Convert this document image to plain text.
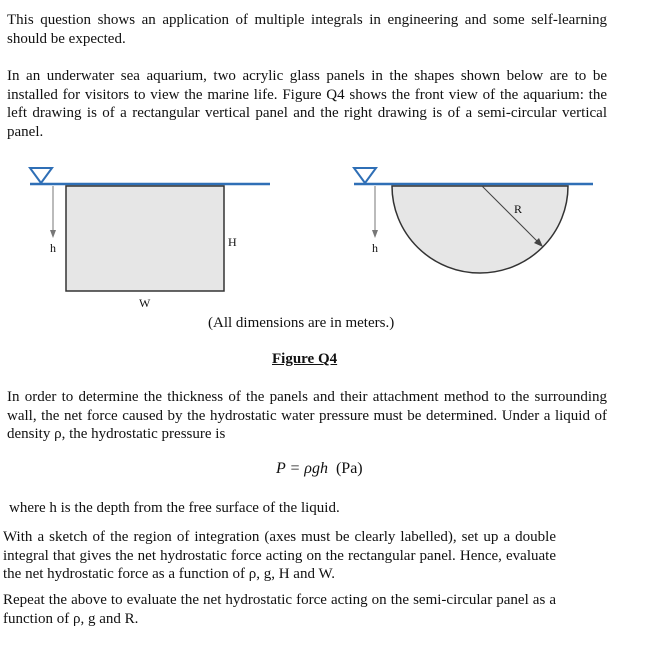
This question shows an application of multiple integrals in engineering and some self-learning should be expected.

In an underwater sea aquarium, two acrylic glass panels in the shapes shown below are to be installed for visitors to view the marine life. Figure Q4 shows the front view of the aquarium: the left drawing is of a rectangular vertical panel and the right drawing is of a semi-circular vertical panel.

h	H
W
h
R
(All dimensions are in meters.)
Figure Q4

In order to determine the thickness of the panels and their attachment method to the surrounding wall, the net force caused by the hydrostatic water pressure must be determined. Under a liquid of density ρ, the hydrostatic pressure is

P = ρgh (Pa)

where h is the depth from the free surface of the liquid.

With a sketch of the region of integration (axes must be clearly labelled), set up a double integral that gives the net hydrostatic force acting on the rectangular panel. Hence, evaluate the net hydrostatic force as a function of ρ, g, H and W.

Repeat the above to evaluate the net hydrostatic force acting on the semi-circular panel as a function of ρ, g and R.
